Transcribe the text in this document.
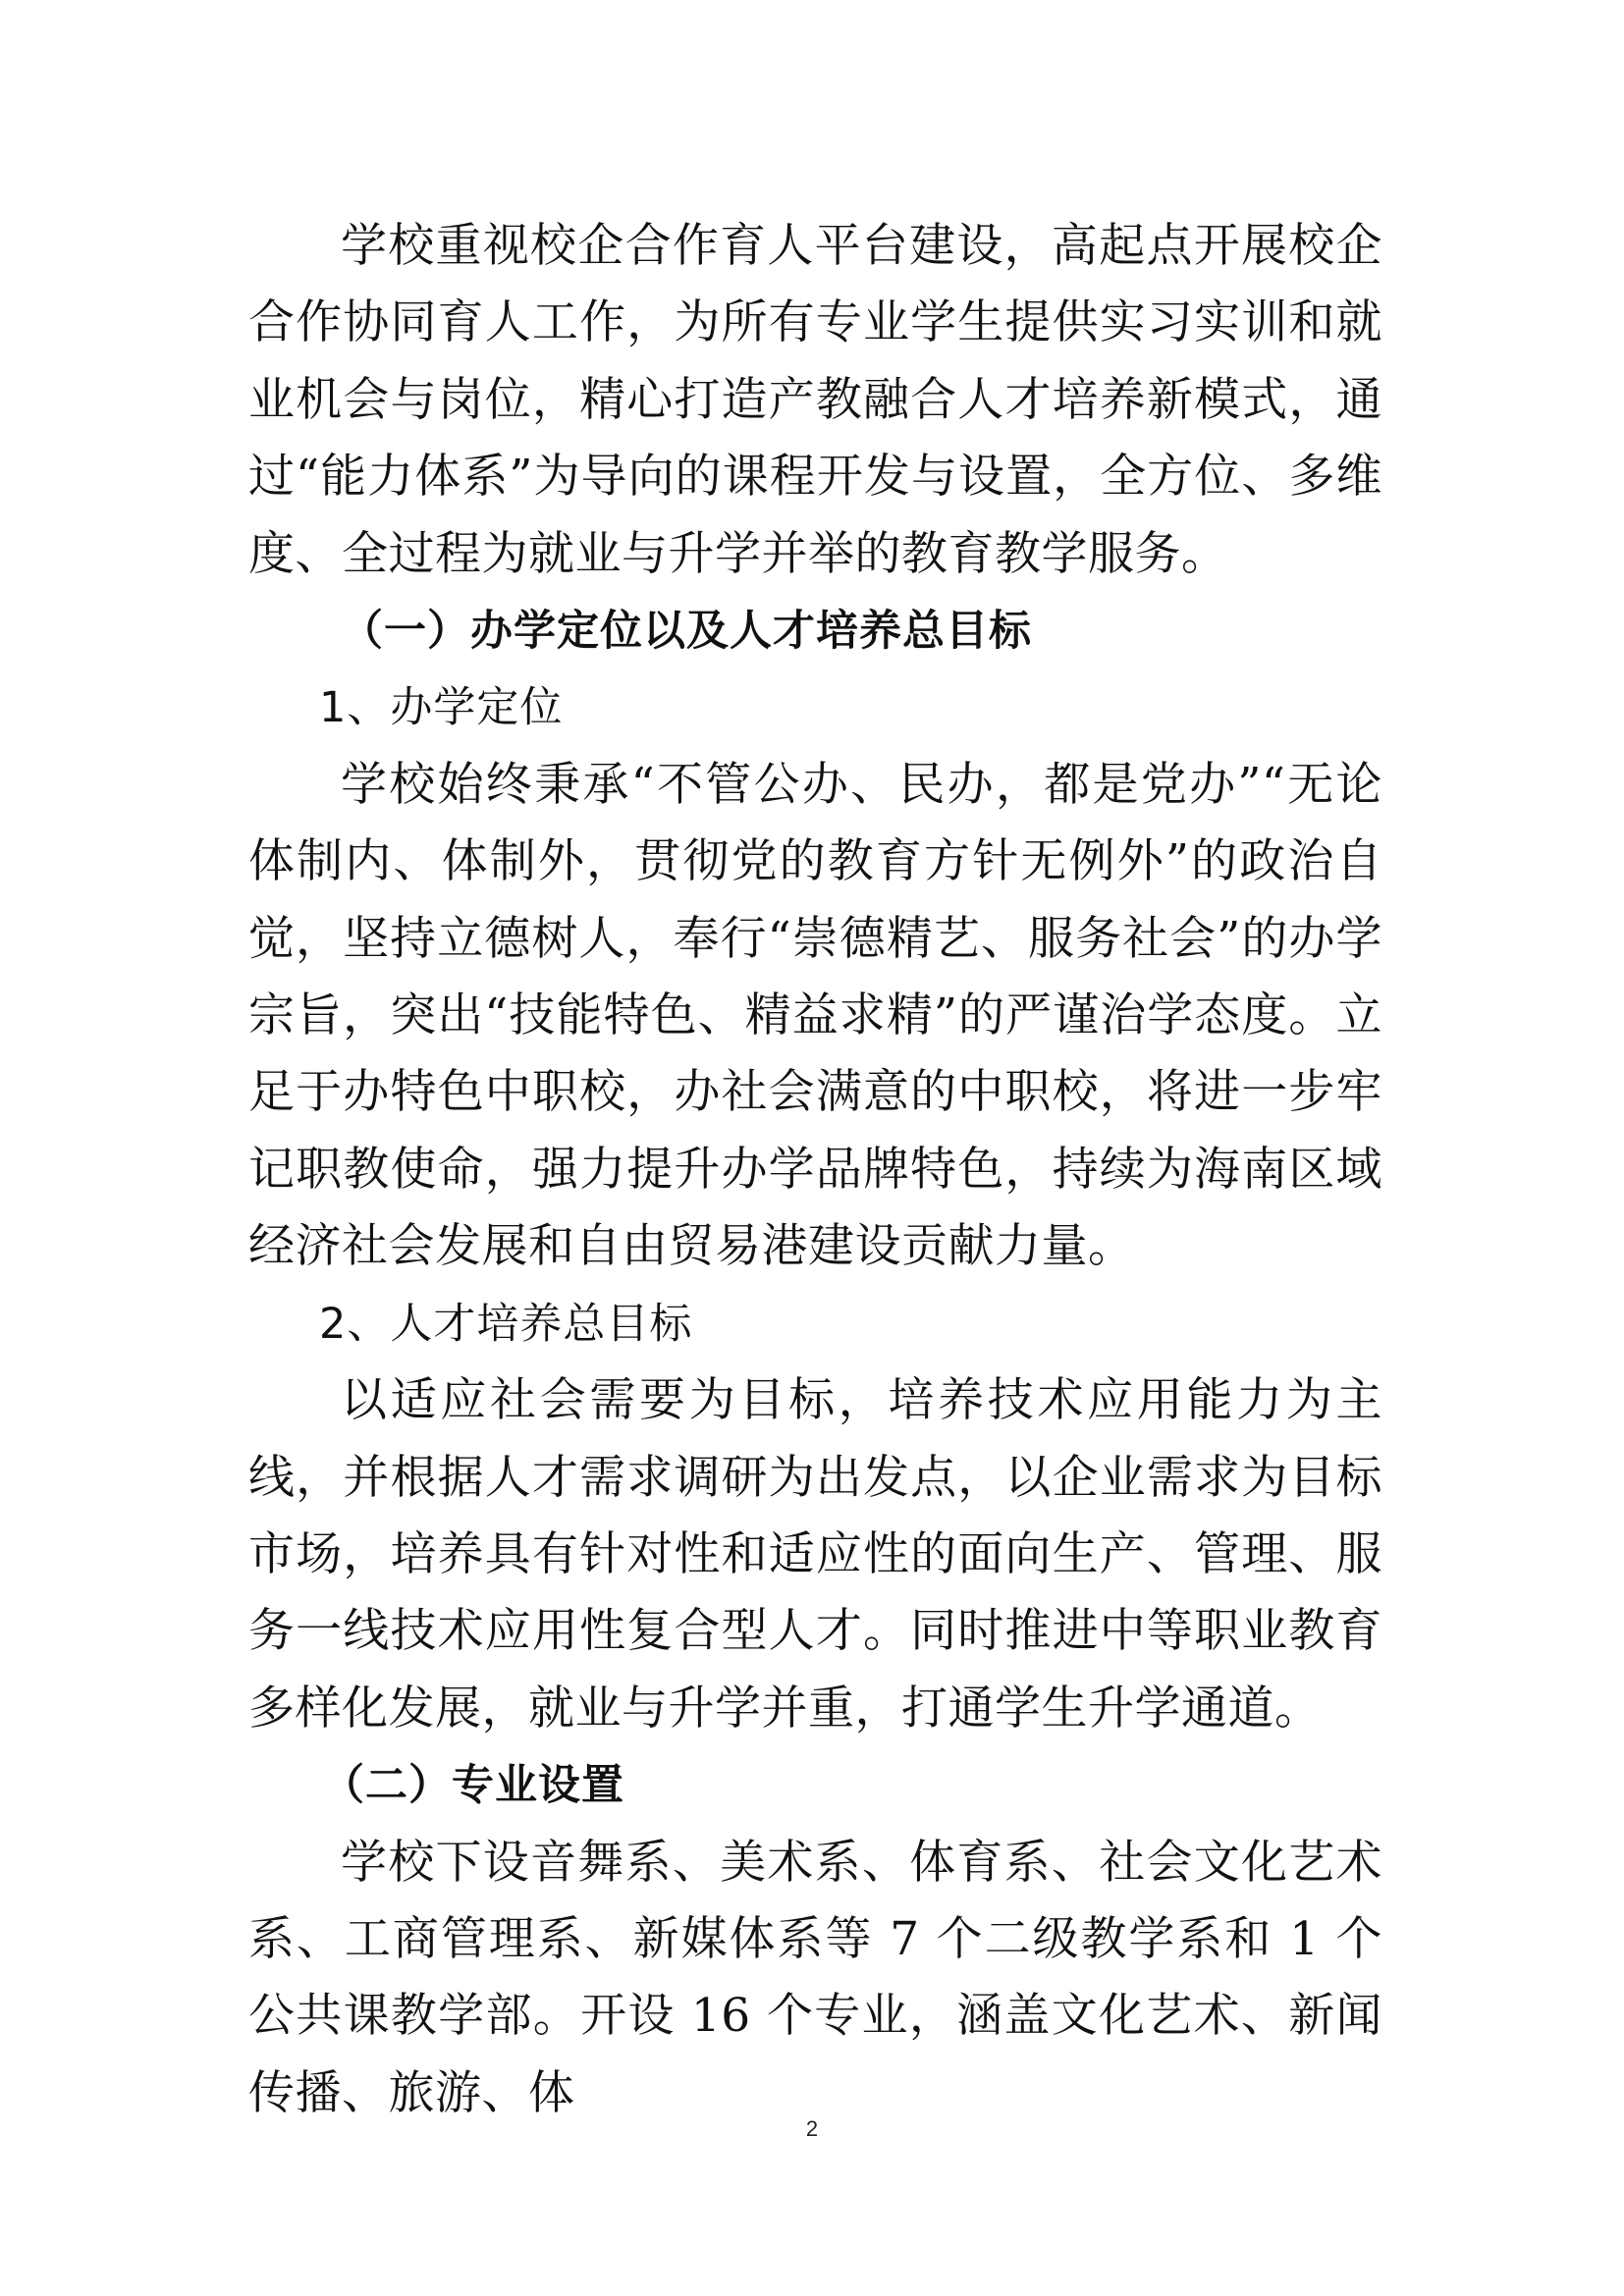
学校重视校企合作育人平台建设，高起点开展校企合作协同育人工作，为所有专业学生提供实习实训和就业机会与岗位，精心打造产教融合人才培养新模式，通过“能力体系”为导向的课程开发与设置，全方位、多维度、全过程为就业与升学并举的教育教学服务。

（一）办学定位以及人才培养总目标

1、办学定位

学校始终秉承“不管公办、民办，都是党办”“无论体制内、体制外，贯彻党的教育方针无例外”的政治自觉，坚持立德树人，奉行“崇德精艺、服务社会”的办学宗旨，突出“技能特色、精益求精”的严谨治学态度。立足于办特色中职校，办社会满意的中职校，将进一步牢记职教使命，强力提升办学品牌特色，持续为海南区域经济社会发展和自由贸易港建设贡献力量。

2、人才培养总目标

以适应社会需要为目标，培养技术应用能力为主线，并根据人才需求调研为出发点，以企业需求为目标市场，培养具有针对性和适应性的面向生产、管理、服务一线技术应用性复合型人才。同时推进中等职业教育多样化发展，就业与升学并重，打通学生升学通道。

（二）专业设置

学校下设音舞系、美术系、体育系、社会文化艺术系、工商管理系、新媒体系等 7 个二级教学系和 1 个公共课教学部。开设 16 个专业，涵盖文化艺术、新闻传播、旅游、体

2
